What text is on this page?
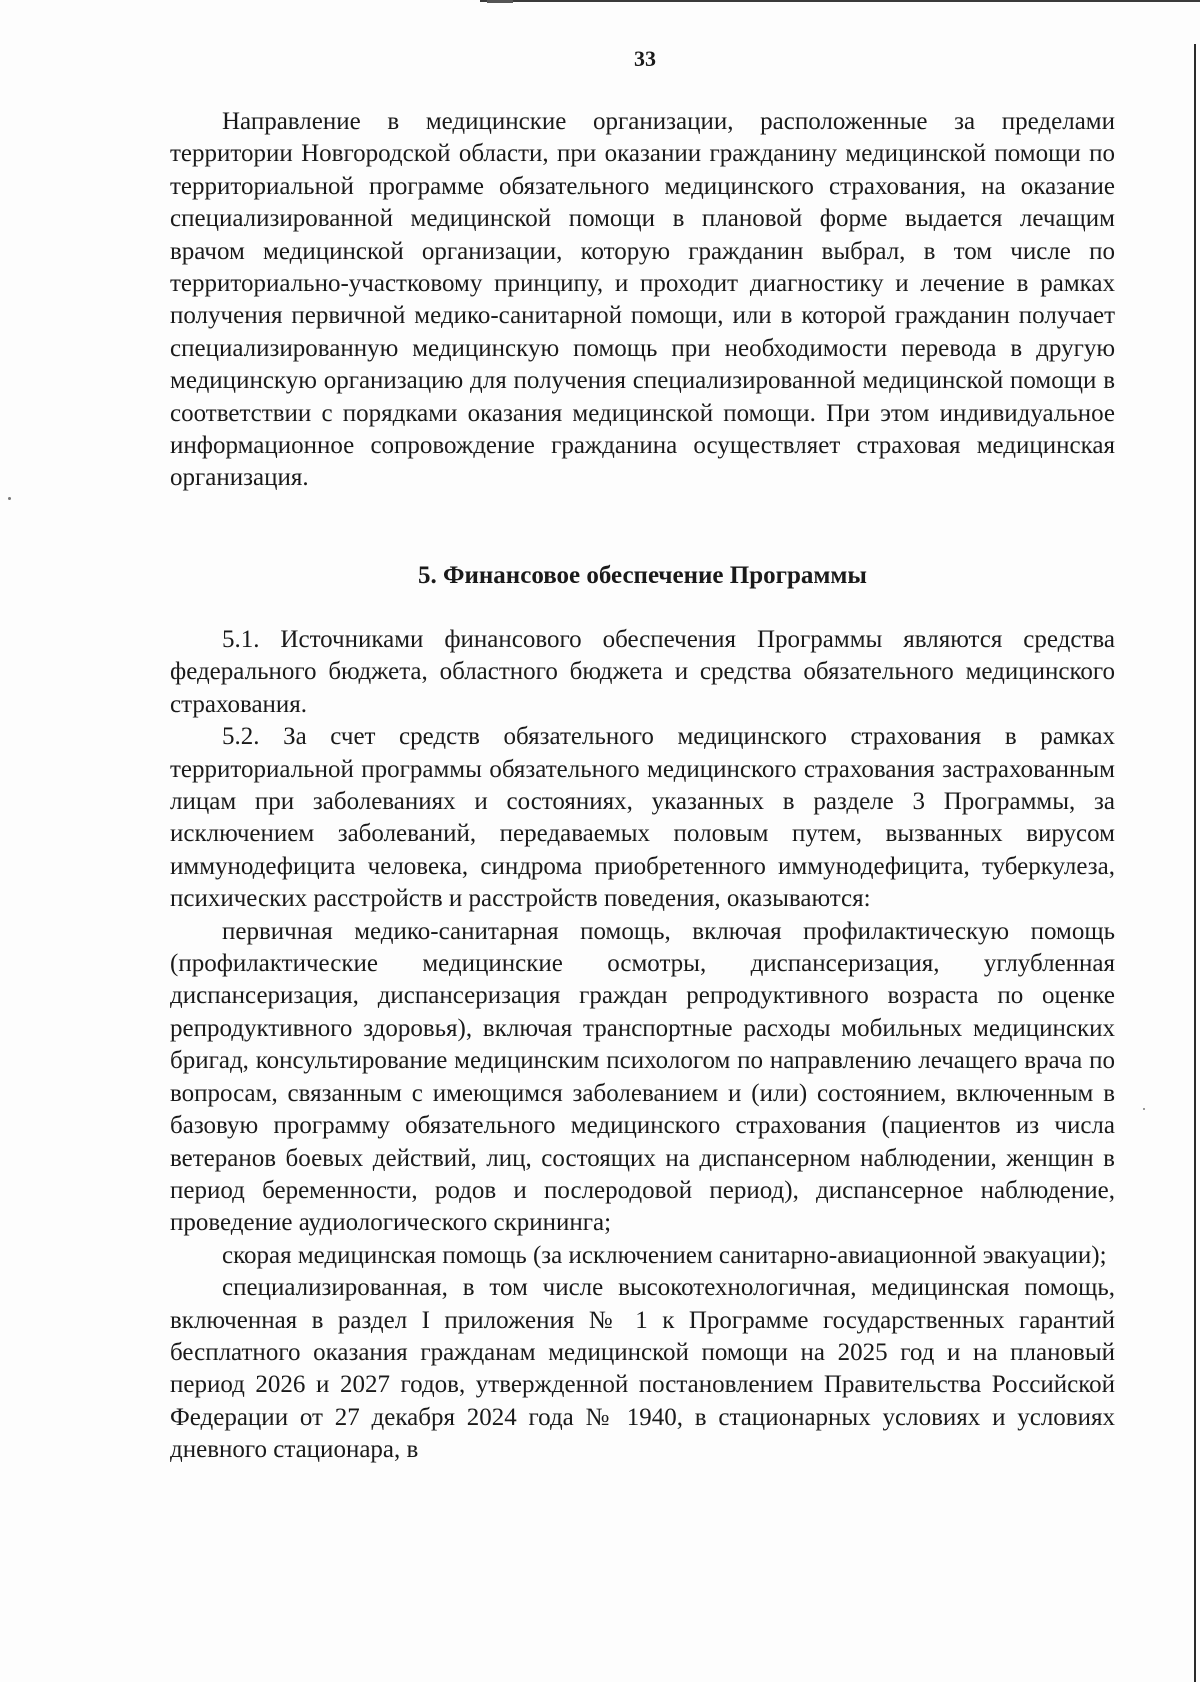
33

Направление в медицинские организации, расположенные за пределами территории Новгородской области, при оказании гражданину медицинской помощи по территориальной программе обязательного медицинского страхования, на оказание специализированной медицинской помощи в плановой форме выдается лечащим врачом медицинской организации, которую гражданин выбрал, в том числе по территориально-участковому принципу, и проходит диагностику и лечение в рамках получения первичной медико-санитарной помощи, или в которой гражданин получает специализированную медицинскую помощь при необходимости перевода в другую медицинскую организацию для получения специализированной медицинской помощи в соответствии с порядками оказания медицинской помощи. При этом индивидуальное информационное сопровождение гражданина осуществляет страховая медицинская организация.

5. Финансовое обеспечение Программы

5.1. Источниками финансового обеспечения Программы являются средства федерального бюджета, областного бюджета и средства обязательного медицинского страхования.

5.2. За счет средств обязательного медицинского страхования в рамках территориальной программы обязательного медицинского страхования застрахованным лицам при заболеваниях и состояниях, указанных в разделе 3 Программы, за исключением заболеваний, передаваемых половым путем, вызванных вирусом иммунодефицита человека, синдрома приобретенного иммунодефицита, туберкулеза, психических расстройств и расстройств поведения, оказываются:

первичная медико-санитарная помощь, включая профилактическую помощь (профилактические медицинские осмотры, диспансеризация, углубленная диспансеризация, диспансеризация граждан репродуктивного возраста по оценке репродуктивного здоровья), включая транспортные расходы мобильных медицинских бригад, консультирование медицинским психологом по направлению лечащего врача по вопросам, связанным с имеющимся заболеванием и (или) состоянием, включенным в базовую программу обязательного медицинского страхования (пациентов из числа ветеранов боевых действий, лиц, состоящих на диспансерном наблюдении, женщин в период беременности, родов и послеродовой период), диспансерное наблюдение, проведение аудиологического скрининга;

скорая медицинская помощь (за исключением санитарно-авиационной эвакуации);

специализированная, в том числе высокотехнологичная, медицинская помощь, включенная в раздел I приложения № 1 к Программе государственных гарантий бесплатного оказания гражданам медицинской помощи на 2025 год и на плановый период 2026 и 2027 годов, утвержденной постановлением Правительства Российской Федерации от 27 декабря 2024 года № 1940, в стационарных условиях и условиях дневного стационара, в
